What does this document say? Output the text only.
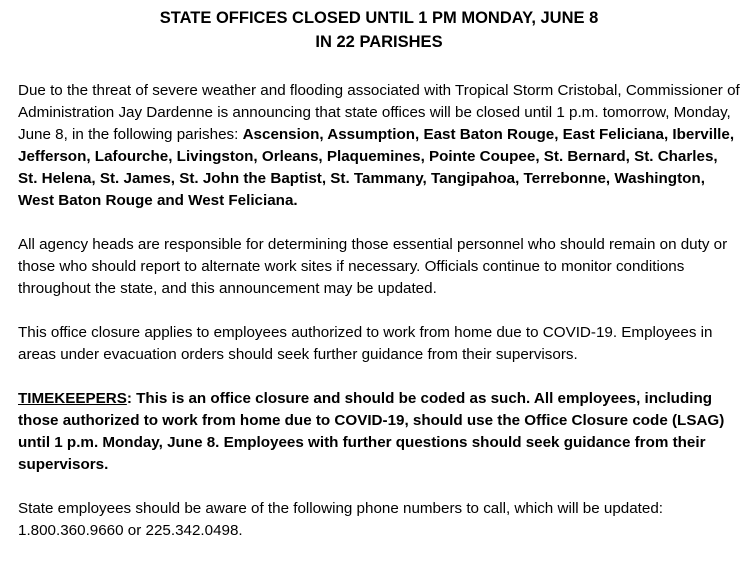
STATE OFFICES CLOSED UNTIL 1 PM MONDAY, JUNE 8
IN 22 PARISHES

Due to the threat of severe weather and flooding associated with Tropical Storm Cristobal, Commissioner of Administration Jay Dardenne is announcing that state offices will be closed until 1 p.m. tomorrow, Monday, June 8, in the following parishes: Ascension, Assumption, East Baton Rouge, East Feliciana, Iberville, Jefferson, Lafourche, Livingston, Orleans, Plaquemines, Pointe Coupee, St. Bernard, St. Charles, St. Helena, St. James, St. John the Baptist, St. Tammany, Tangipahoa, Terrebonne, Washington, West Baton Rouge and West Feliciana.

All agency heads are responsible for determining those essential personnel who should remain on duty or those who should report to alternate work sites if necessary. Officials continue to monitor conditions throughout the state, and this announcement may be updated.

This office closure applies to employees authorized to work from home due to COVID-19. Employees in areas under evacuation orders should seek further guidance from their supervisors.

TIMEKEEPERS: This is an office closure and should be coded as such. All employees, including those authorized to work from home due to COVID-19, should use the Office Closure code (LSAG) until 1 p.m. Monday, June 8. Employees with further questions should seek guidance from their supervisors.

State employees should be aware of the following phone numbers to call, which will be updated: 1.800.360.9660 or 225.342.0498.
